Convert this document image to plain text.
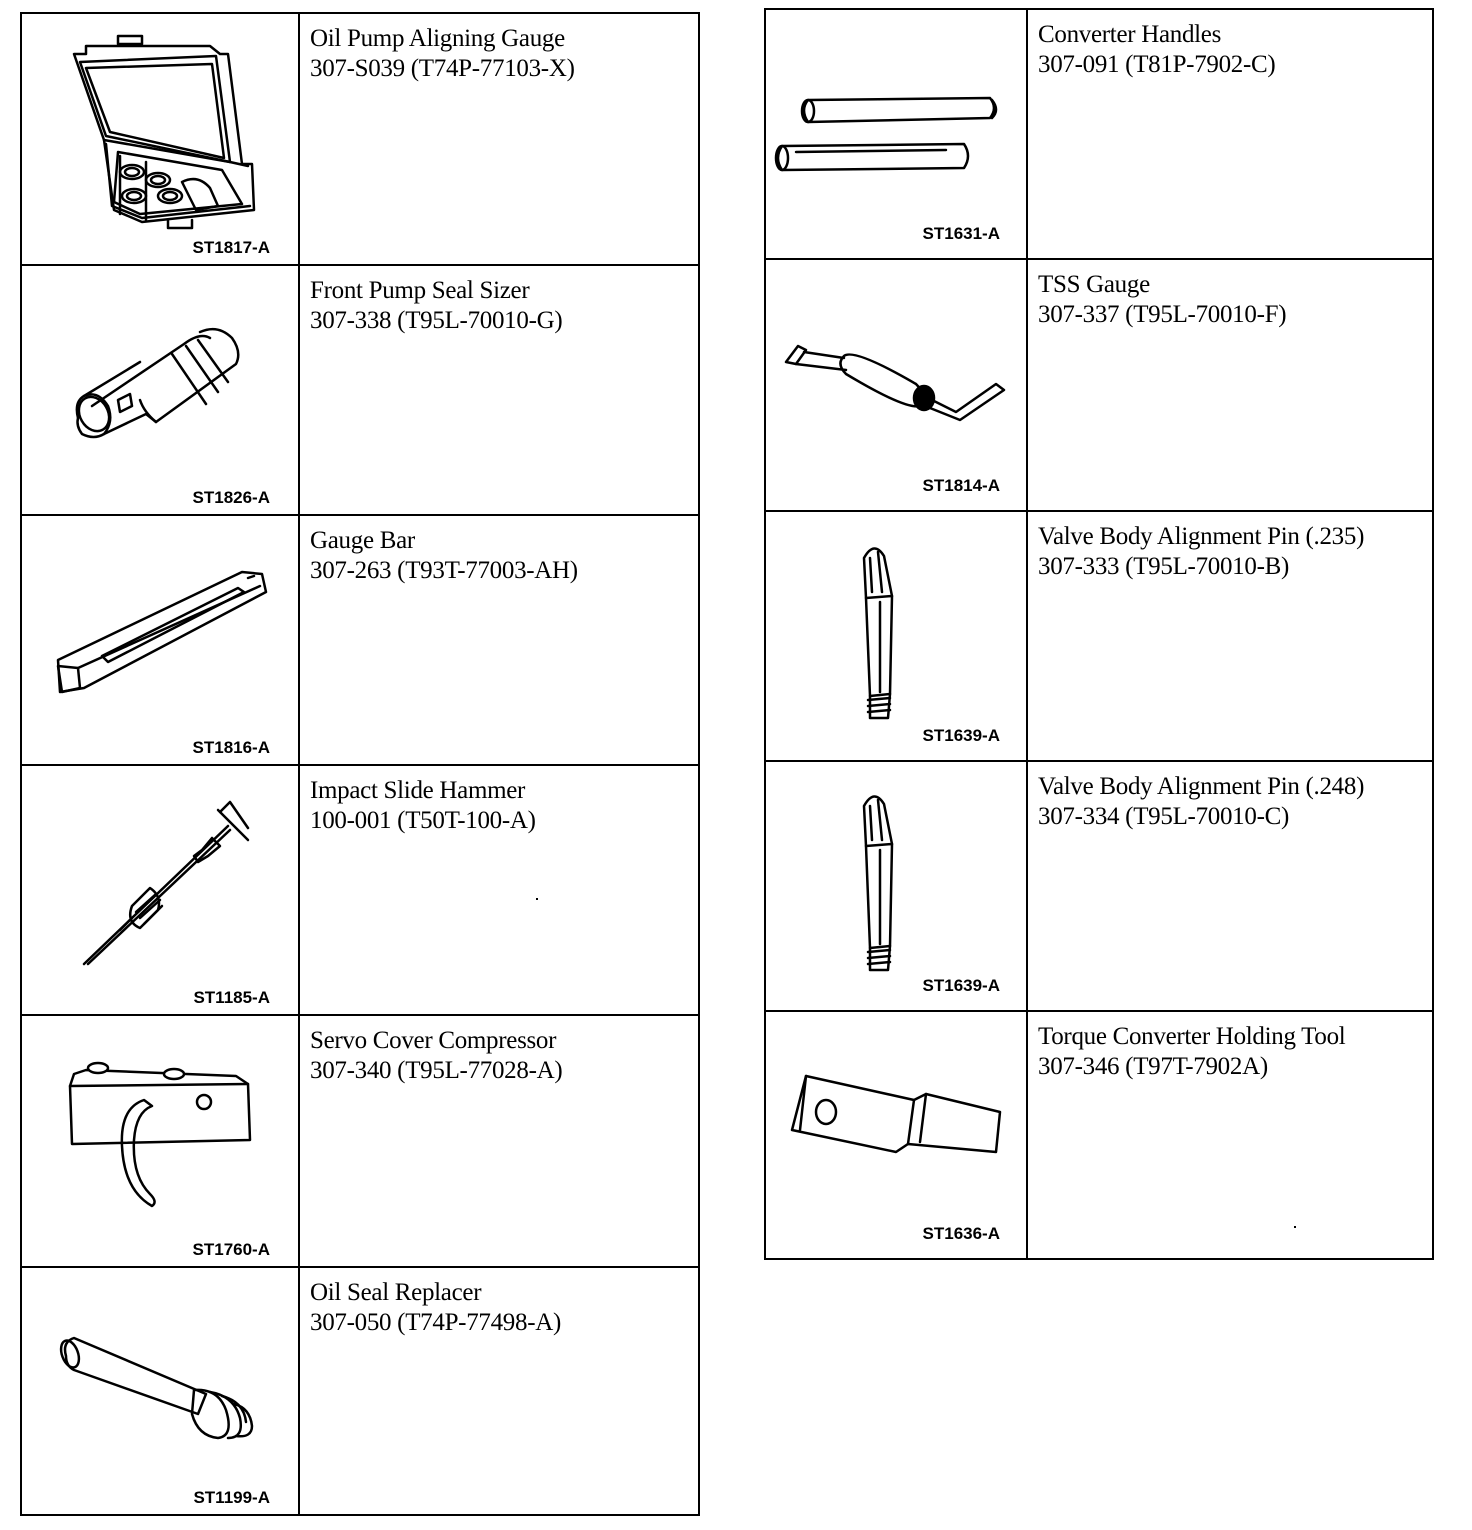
ST1817-A
Oil Pump Aligning Gauge
307-S039 (T74P-77103-X)
ST1826-A
Front Pump Seal Sizer
307-338 (T95L-70010-G)
ST1816-A
Gauge Bar
307-263 (T93T-77003-AH)
ST1185-A
Impact Slide Hammer
100-001 (T50T-100-A)
ST1760-A
Servo Cover Compressor
307-340 (T95L-77028-A)
ST1199-A
Oil Seal Replacer
307-050 (T74P-77498-A)
ST1631-A
Converter Handles
307-091 (T81P-7902-C)
ST1814-A
TSS Gauge
307-337 (T95L-70010-F)
ST1639-A
Valve Body Alignment Pin (.235)
307-333 (T95L-70010-B)
ST1639-A
Valve Body Alignment Pin (.248)
307-334 (T95L-70010-C)
ST1636-A
Torque Converter Holding Tool
307-346 (T97T-7902A)
